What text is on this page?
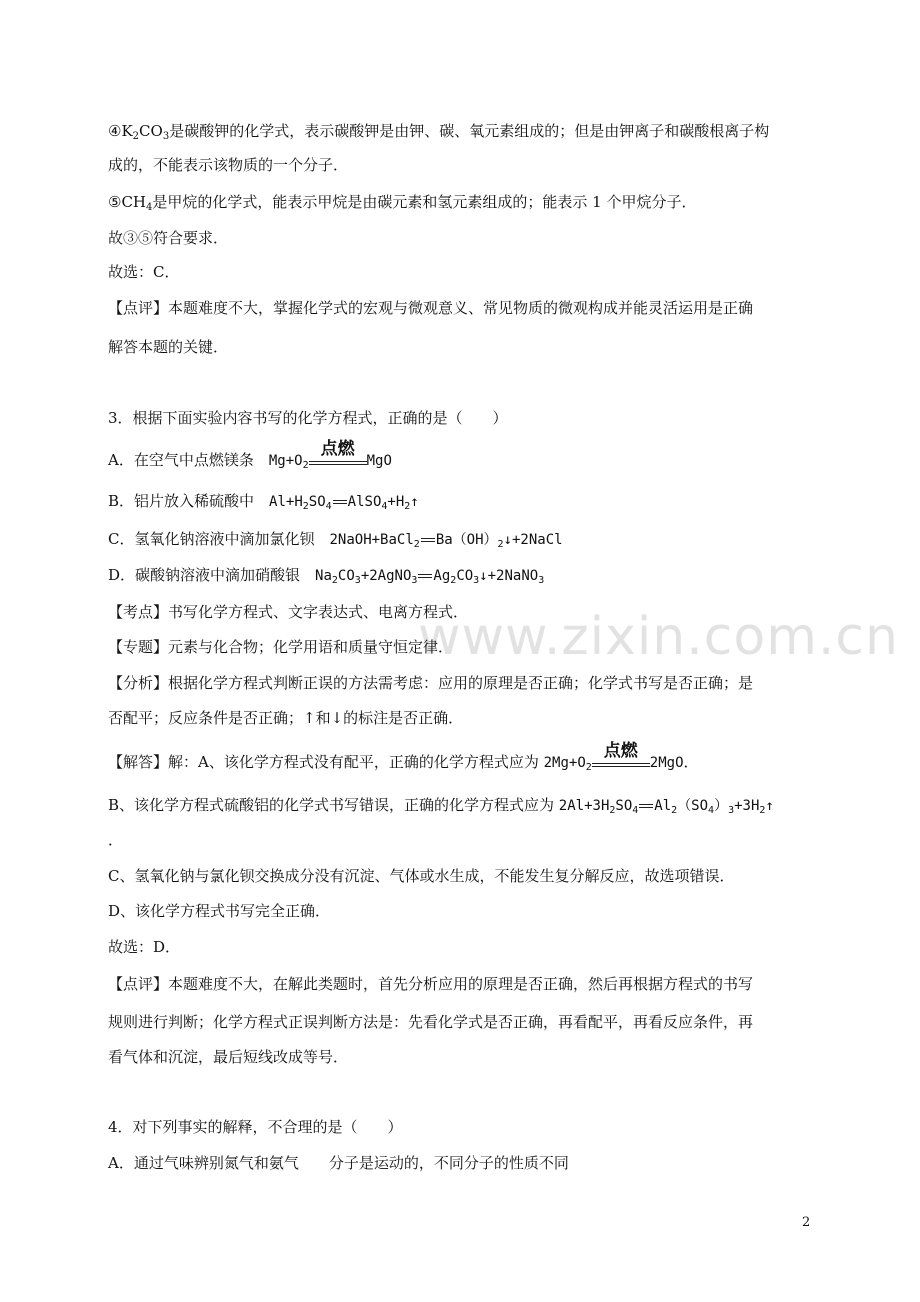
www.zixin.com.cn
$④K_2CO_3$是碳酸钾的化学式，表示碳酸钾是由钾、碳、氧元素组成的；但是由钾离子和碳酸根离子构
成的，不能表示该物质的一个分子．
$⑤CH_4$是甲烷的化学式，能表示甲烷是由碳元素和氢元素组成的；能表示 1 个甲烷分子．
故③⑤符合要求．
故选：C．
【点评】本题难度不大，掌握化学式的宏观与微观意义、常见物质的微观构成并能灵活运用是正确
解答本题的关键．
3．根据下面实验内容书写的化学方程式，正确的是（　　）
A．在空气中点燃镁条　$Mg+O_2$
点燃
MgO
B．铝片放入稀硫酸中　$Al+H_2SO_4$ $AlSO_4+H_2↑$
C．氢氧化钠溶液中滴加氯化钡　2NaOH+BaCl$_2$ $Ba(OH)_2↓+2NaCl$
D．碳酸钠溶液中滴加硝酸银　$Na_2CO_3+2AgNO_3$ $Ag_2CO_3↓+2NaNO_3$
【考点】书写化学方程式、文字表达式、电离方程式．
【专题】元素与化合物；化学用语和质量守恒定律．
【分析】根据化学方程式判断正误的方法需考虑：应用的原理是否正确；化学式书写是否正确；是
否配平；反应条件是否正确；↑和↓的标注是否正确．
【解答】解：A、该化学方程式没有配平，正确的化学方程式应为 $2Mg+O_2$
点燃
2MgO．
B、该化学方程式硫酸铝的化学式书写错误，正确的化学方程式应为 $2Al+3H_2SO_4$ $Al_2(SO_4)_3+3H_2↑$
．
C、氢氧化钠与氯化钡交换成分没有沉淀、气体或水生成，不能发生复分解反应，故选项错误．
D、该化学方程式书写完全正确．
故选：D．
【点评】本题难度不大，在解此类题时，首先分析应用的原理是否正确，然后再根据方程式的书写
规则进行判断；化学方程式正误判断方法是：先看化学式是否正确，再看配平，再看反应条件，再
看气体和沉淀，最后短线改成等号．
4．对下列事实的解释，不合理的是（　　）
A．通过气味辨别氮气和氨气　　分子是运动的，不同分子的性质不同
2
